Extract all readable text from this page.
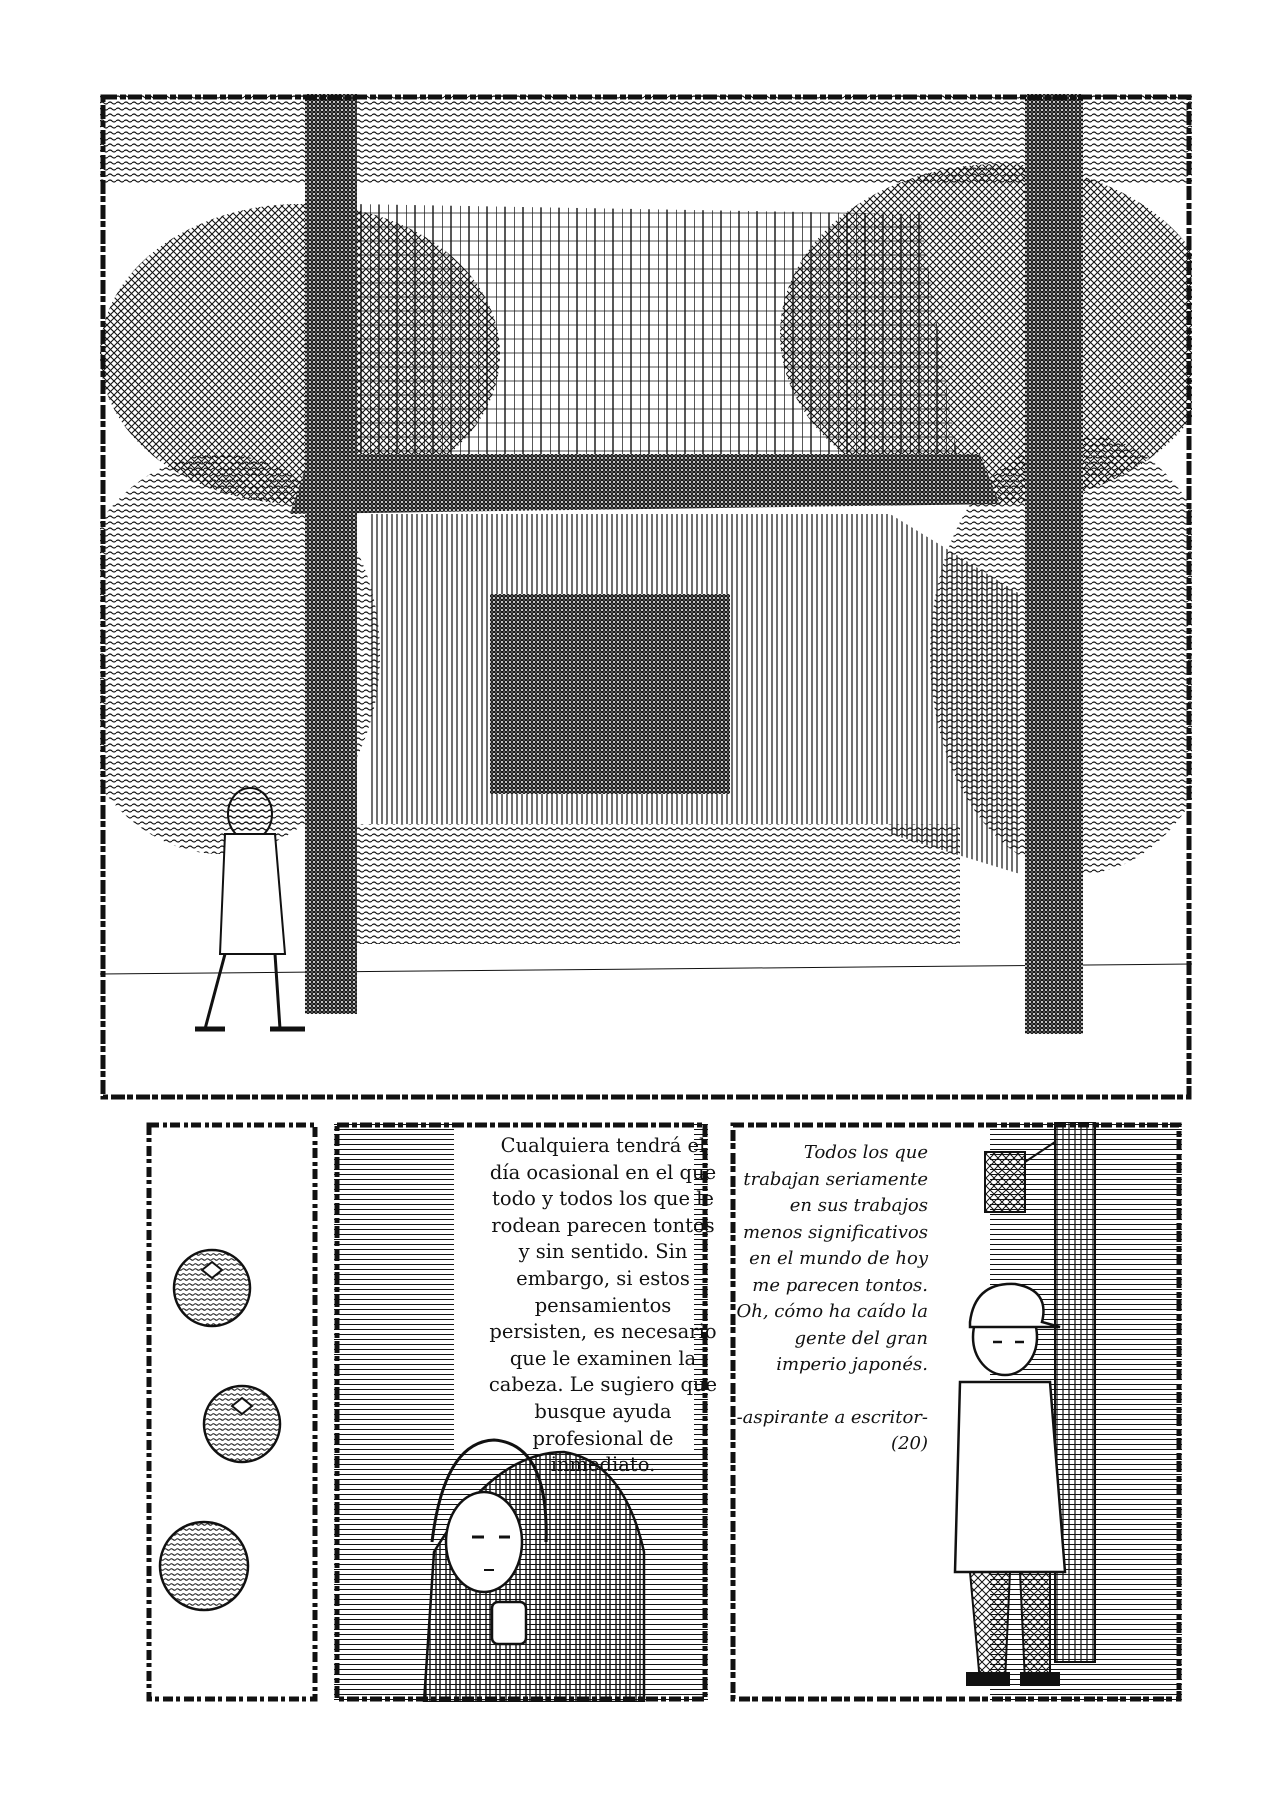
Cualquiera tendrá el
día ocasional en el que
todo y todos los que le
rodean parecen tontos
y sin sentido. Sin
embargo, si estos
pensamientos
persisten, es necesario
que le examinen la
cabeza. Le sugiero que
busque ayuda
profesional de
inmediato.
Todos los que
trabajan seriamente
en sus trabajos
menos significativos
en el mundo de hoy
me parecen tontos.
Oh, cómo ha caído la
gente del gran
imperio japonés.
-aspirante a escritor-
(20)
